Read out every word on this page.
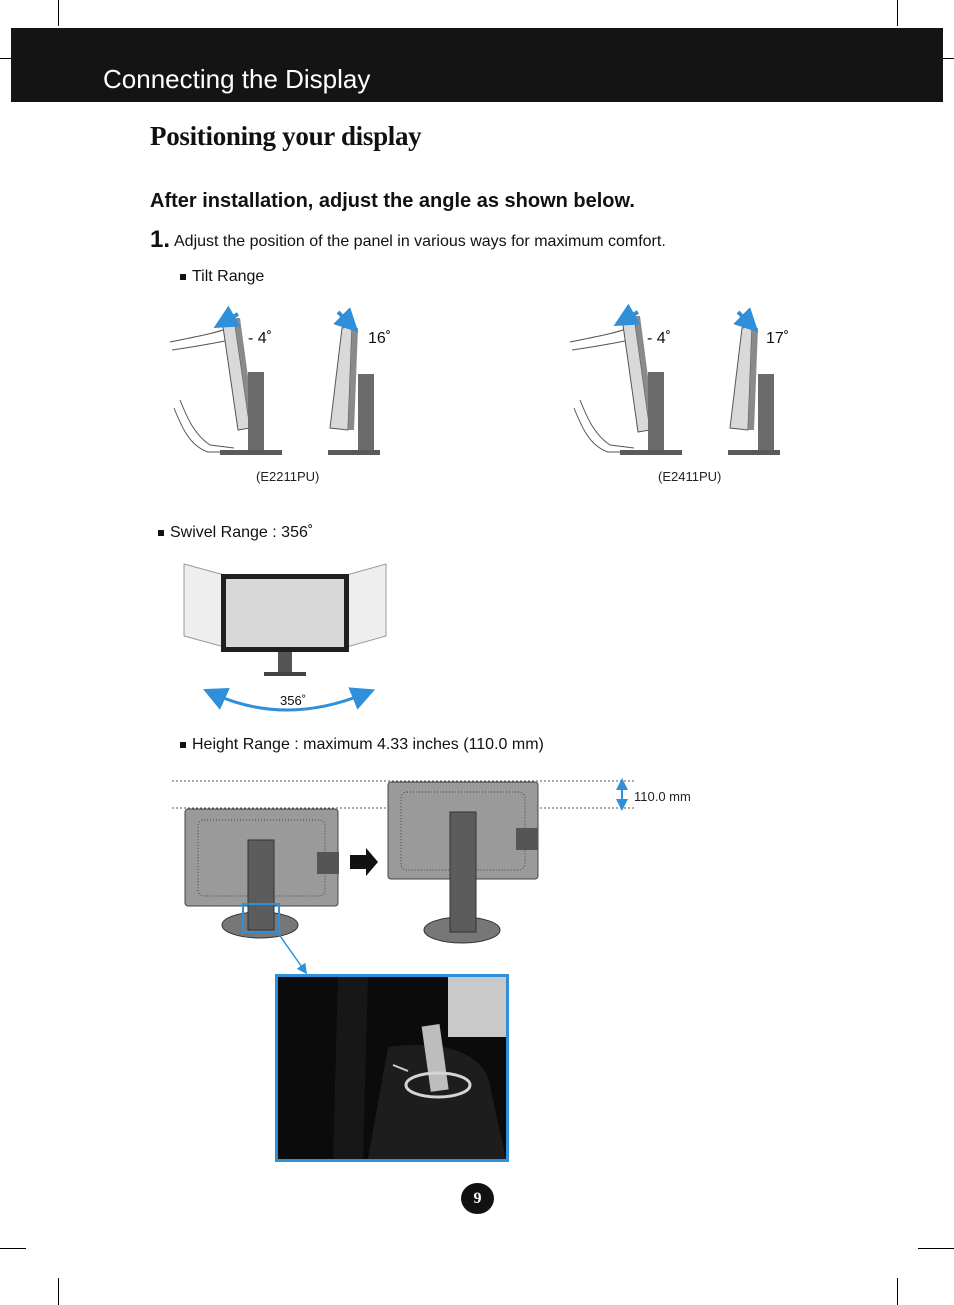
Connecting the Display
Positioning your display
After installation, adjust the angle as shown below.
1. Adjust the position of the panel in various ways for maximum comfort.
Tilt Range
- 4˚	16˚	- 4˚	17˚
(E2211PU)	(E2411PU)
Swivel Range : 356˚
356˚
Height Range : maximum 4.33 inches (110.0 mm)
110.0 mm
9
